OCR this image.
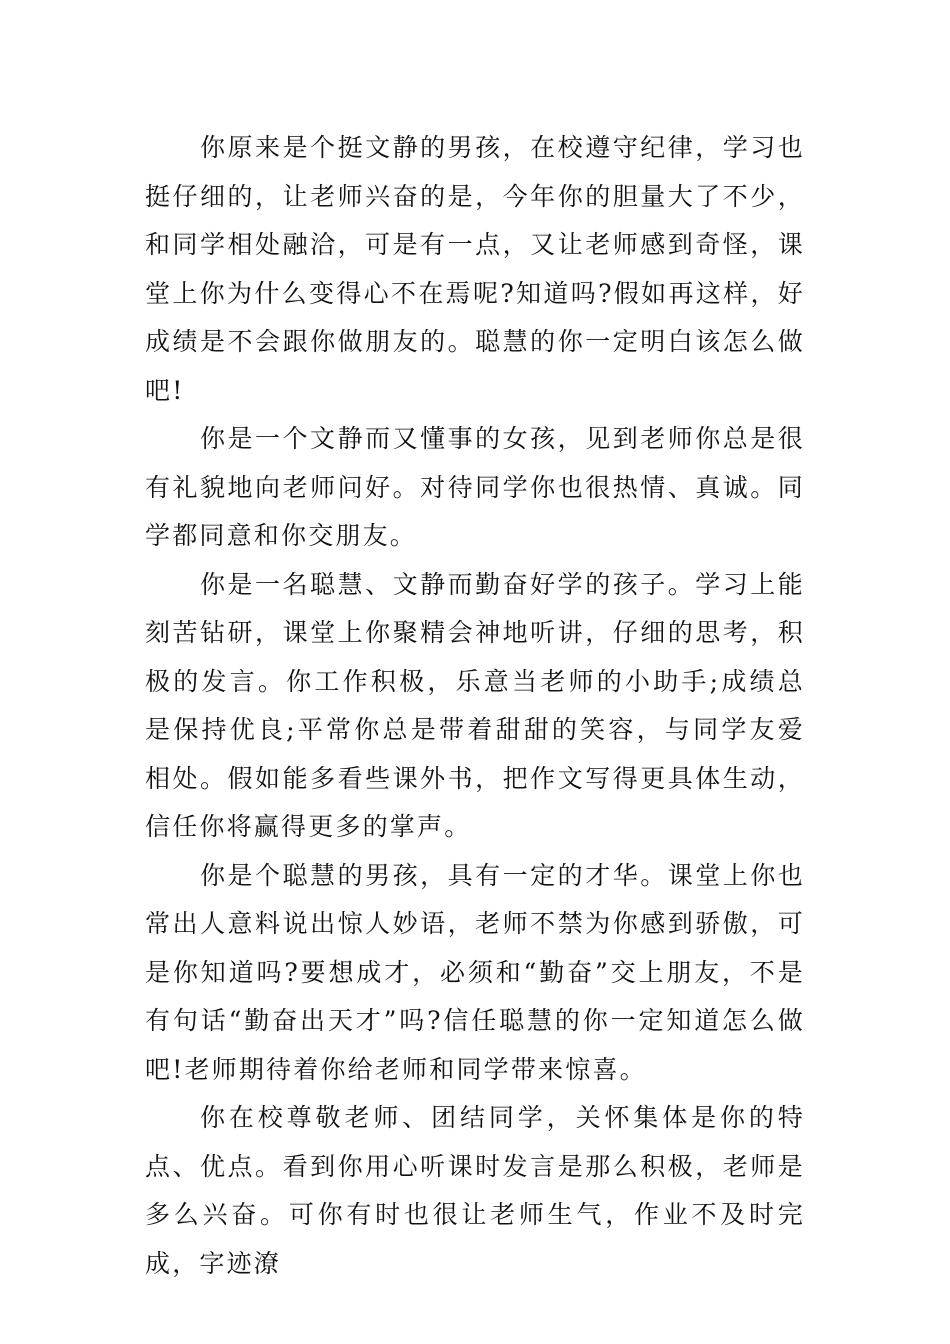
你原来是个挺文静的男孩，在校遵守纪律，学习也挺仔细的，让老师兴奋的是，今年你的胆量大了不少，和同学相处融洽，可是有一点，又让老师感到奇怪，课堂上你为什么变得心不在焉呢?知道吗?假如再这样，好成绩是不会跟你做朋友的。聪慧的你一定明白该怎么做吧!

你是一个文静而又懂事的女孩，见到老师你总是很有礼貌地向老师问好。对待同学你也很热情、真诚。同学都同意和你交朋友。

你是一名聪慧、文静而勤奋好学的孩子。学习上能刻苦钻研，课堂上你聚精会神地听讲，仔细的思考，积极的发言。你工作积极，乐意当老师的小助手;成绩总是保持优良;平常你总是带着甜甜的笑容，与同学友爱相处。假如能多看些课外书，把作文写得更具体生动，信任你将赢得更多的掌声。

你是个聪慧的男孩，具有一定的才华。课堂上你也常出人意料说出惊人妙语，老师不禁为你感到骄傲，可是你知道吗?要想成才，必须和“勤奋”交上朋友，不是有句话“勤奋出天才”吗?信任聪慧的你一定知道怎么做吧!老师期待着你给老师和同学带来惊喜。

你在校尊敬老师、团结同学，关怀集体是你的特点、优点。看到你用心听课时发言是那么积极，老师是多么兴奋。可你有时也很让老师生气，作业不及时完成，字迹潦
